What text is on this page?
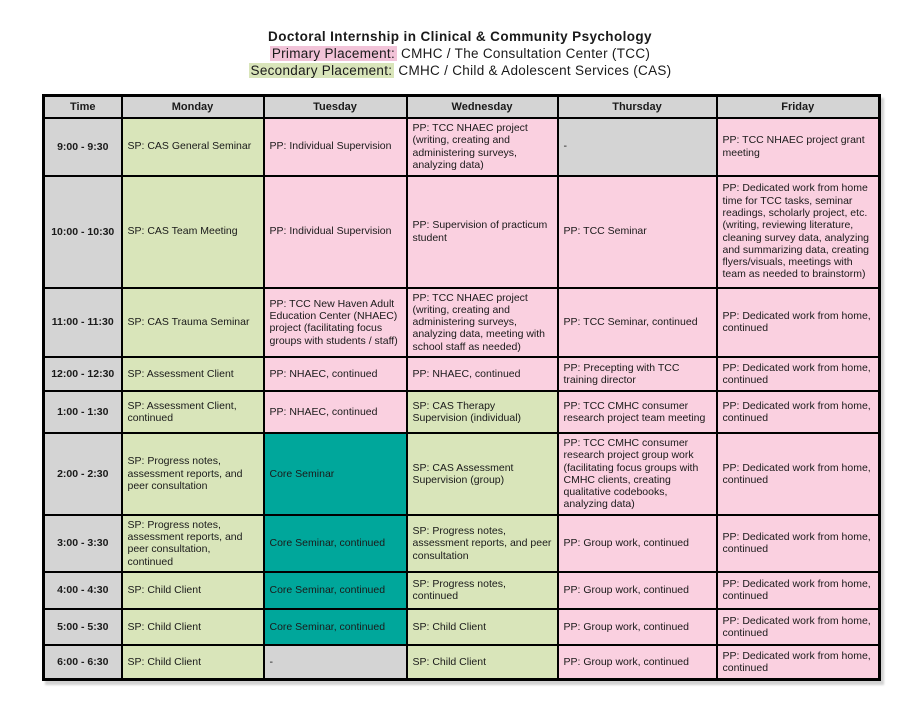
Doctoral Internship in Clinical & Community Psychology
Primary Placement: CMHC / The Consultation Center (TCC)
Secondary Placement: CMHC / Child & Adolescent Services (CAS)
Time	Monday	Tuesday	Wednesday	Thursday	Friday
9:00 - 9:30	SP: CAS General Seminar	PP: Individual Supervision	PP: TCC NHAEC project (writing, creating and administering surveys, analyzing data)	-	PP: TCC NHAEC project grant meeting
10:00 - 10:30	SP: CAS Team Meeting	PP: Individual Supervision	PP: Supervision of practicum student	PP: TCC Seminar	PP: Dedicated work from home time for TCC tasks, seminar readings, scholarly project, etc. (writing, reviewing literature, cleaning survey data, analyzing and summarizing data, creating flyers/visuals, meetings with team as needed to brainstorm)
11:00 - 11:30	SP: CAS Trauma Seminar	PP: TCC New Haven Adult Education Center (NHAEC) project (facilitating focus groups with students / staff)	PP: TCC NHAEC project (writing, creating and administering surveys, analyzing data, meeting with school staff as needed)	PP: TCC Seminar, continued	PP: Dedicated work from home, continued
12:00 - 12:30	SP: Assessment Client	PP: NHAEC, continued	PP: NHAEC, continued	PP: Precepting with TCC training director	PP: Dedicated work from home, continued
1:00 - 1:30	SP: Assessment Client, continued	PP: NHAEC, continued	SP: CAS Therapy Supervision (individual)	PP: TCC CMHC consumer research project team meeting	PP: Dedicated work from home, continued
2:00 - 2:30	SP: Progress notes, assessment reports, and peer consultation	Core Seminar	SP: CAS Assessment Supervision (group)	PP: TCC CMHC consumer research project group work (facilitating focus groups with CMHC clients, creating qualitative codebooks, analyzing data)	PP: Dedicated work from home, continued
3:00 - 3:30	SP: Progress notes, assessment reports, and peer consultation, continued	Core Seminar, continued	SP: Progress notes, assessment reports, and peer consultation	PP: Group work, continued	PP: Dedicated work from home, continued
4:00 - 4:30	SP: Child Client	Core Seminar, continued	SP: Progress notes, continued	PP: Group work, continued	PP: Dedicated work from home, continued
5:00 - 5:30	SP: Child Client	Core Seminar, continued	SP: Child Client	PP: Group work, continued	PP: Dedicated work from home, continued
6:00 - 6:30	SP: Child Client	-	SP: Child Client	PP: Group work, continued	PP: Dedicated work from home, continued
